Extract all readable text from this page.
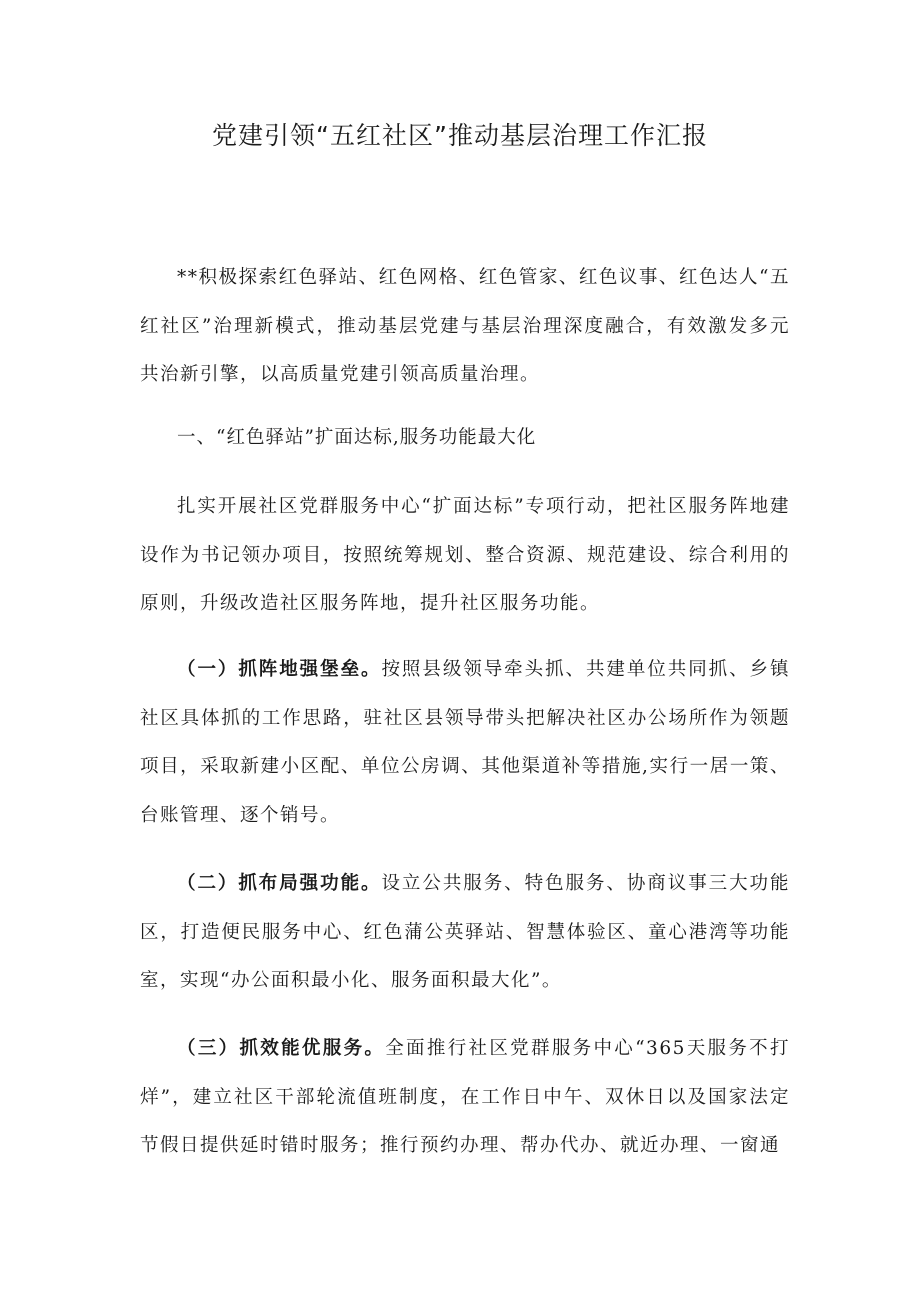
党建引领“五红社区”推动基层治理工作汇报

**积极探索红色驿站、红色网格、红色管家、红色议事、红色达人“五红社区”治理新模式，推动基层党建与基层治理深度融合，有效激发多元共治新引擎，以高质量党建引领高质量治理。

一、“红色驿站”扩面达标,服务功能最大化

扎实开展社区党群服务中心“扩面达标”专项行动，把社区服务阵地建设作为书记领办项目，按照统筹规划、整合资源、规范建设、综合利用的原则，升级改造社区服务阵地，提升社区服务功能。

（一）抓阵地强堡垒。按照县级领导牵头抓、共建单位共同抓、乡镇社区具体抓的工作思路，驻社区县领导带头把解决社区办公场所作为领题项目，采取新建小区配、单位公房调、其他渠道补等措施,实行一居一策、台账管理、逐个销号。

（二）抓布局强功能。设立公共服务、特色服务、协商议事三大功能区，打造便民服务中心、红色蒲公英驿站、智慧体验区、童心港湾等功能室，实现“办公面积最小化、服务面积最大化”。

（三）抓效能优服务。全面推行社区党群服务中心“365天服务不打烊”，建立社区干部轮流值班制度，在工作日中午、双休日以及国家法定节假日提供延时错时服务；推行预约办理、帮办代办、就近办理、一窗通
